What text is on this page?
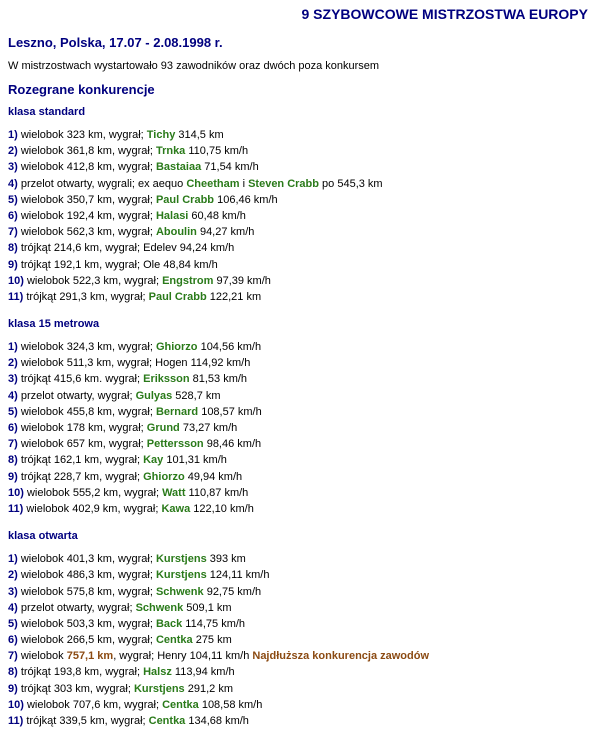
9 SZYBOWCOWE MISTRZOSTWA EUROPY
Leszno, Polska, 17.07 - 2.08.1998 r.
W mistrzostwach wystartowało 93 zawodników oraz dwóch poza konkursem
Rozegrane konkurencje
klasa standard
1) wielobok 323 km, wygrał; Tichy 314,5 km
2) wielobok 361,8 km, wygrał; Trnka 110,75 km/h
3) wielobok 412,8 km, wygrał; Bastaiaa 71,54 km/h
4) przelot otwarty, wygrali; ex aequo Cheetham i Steven Crabb po 545,3 km
5) wielobok 350,7 km, wygrał; Paul Crabb 106,46 km/h
6) wielobok 192,4 km, wygrał; Halasi 60,48 km/h
7) wielobok 562,3 km, wygrał; Aboulin 94,27 km/h
8) trójkąt 214,6 km, wygrał; Edelev 94,24 km/h
9) trójkąt 192,1 km, wygrał; Ole 48,84 km/h
10) wielobok 522,3 km, wygrał; Engstrom 97,39 km/h
11) trójkąt 291,3 km, wygrał; Paul Crabb 122,21 km
klasa 15 metrowa
1) wielobok 324,3 km, wygrał; Ghiorzo 104,56 km/h
2) wielobok 511,3 km, wygrał; Hogen 114,92 km/h
3) trójkąt 415,6 km. wygrał; Eriksson 81,53 km/h
4) przelot otwarty, wygrał; Gulyas 528,7 km
5) wielobok 455,8 km, wygrał; Bernard 108,57 km/h
6) wielobok 178 km, wygrał; Grund 73,27 km/h
7) wielobok 657 km, wygrał; Pettersson 98,46 km/h
8) trójkąt 162,1 km, wygrał; Kay 101,31 km/h
9) trójkąt 228,7 km, wygrał; Ghiorzo 49,94 km/h
10) wielobok 555,2 km, wygrał; Watt 110,87 km/h
11) wielobok 402,9 km, wygrał; Kawa 122,10 km/h
klasa otwarta
1) wielobok 401,3 km, wygrał; Kurstjens 393 km
2) wielobok 486,3 km, wygrał; Kurstjens 124,11 km/h
3) wielobok 575,8 km, wygrał; Schwenk 92,75 km/h
4) przelot otwarty, wygrał; Schwenk 509,1 km
5) wielobok 503,3 km, wygrał; Back 114,75 km/h
6) wielobok 266,5 km, wygrał; Centka 275 km
7) wielobok 757,1 km, wygrał; Henry 104,11 km/h Najdłuższa konkurencja zawodów
8) trójkąt 193,8 km, wygrał; Halsz 113,94 km/h
9) trójkąt 303 km, wygrał; Kurstjens 291,2 km
10) wielobok 707,6 km, wygrał; Centka 108,58 km/h
11) trójkąt 339,5 km, wygrał; Centka 134,68 km/h
